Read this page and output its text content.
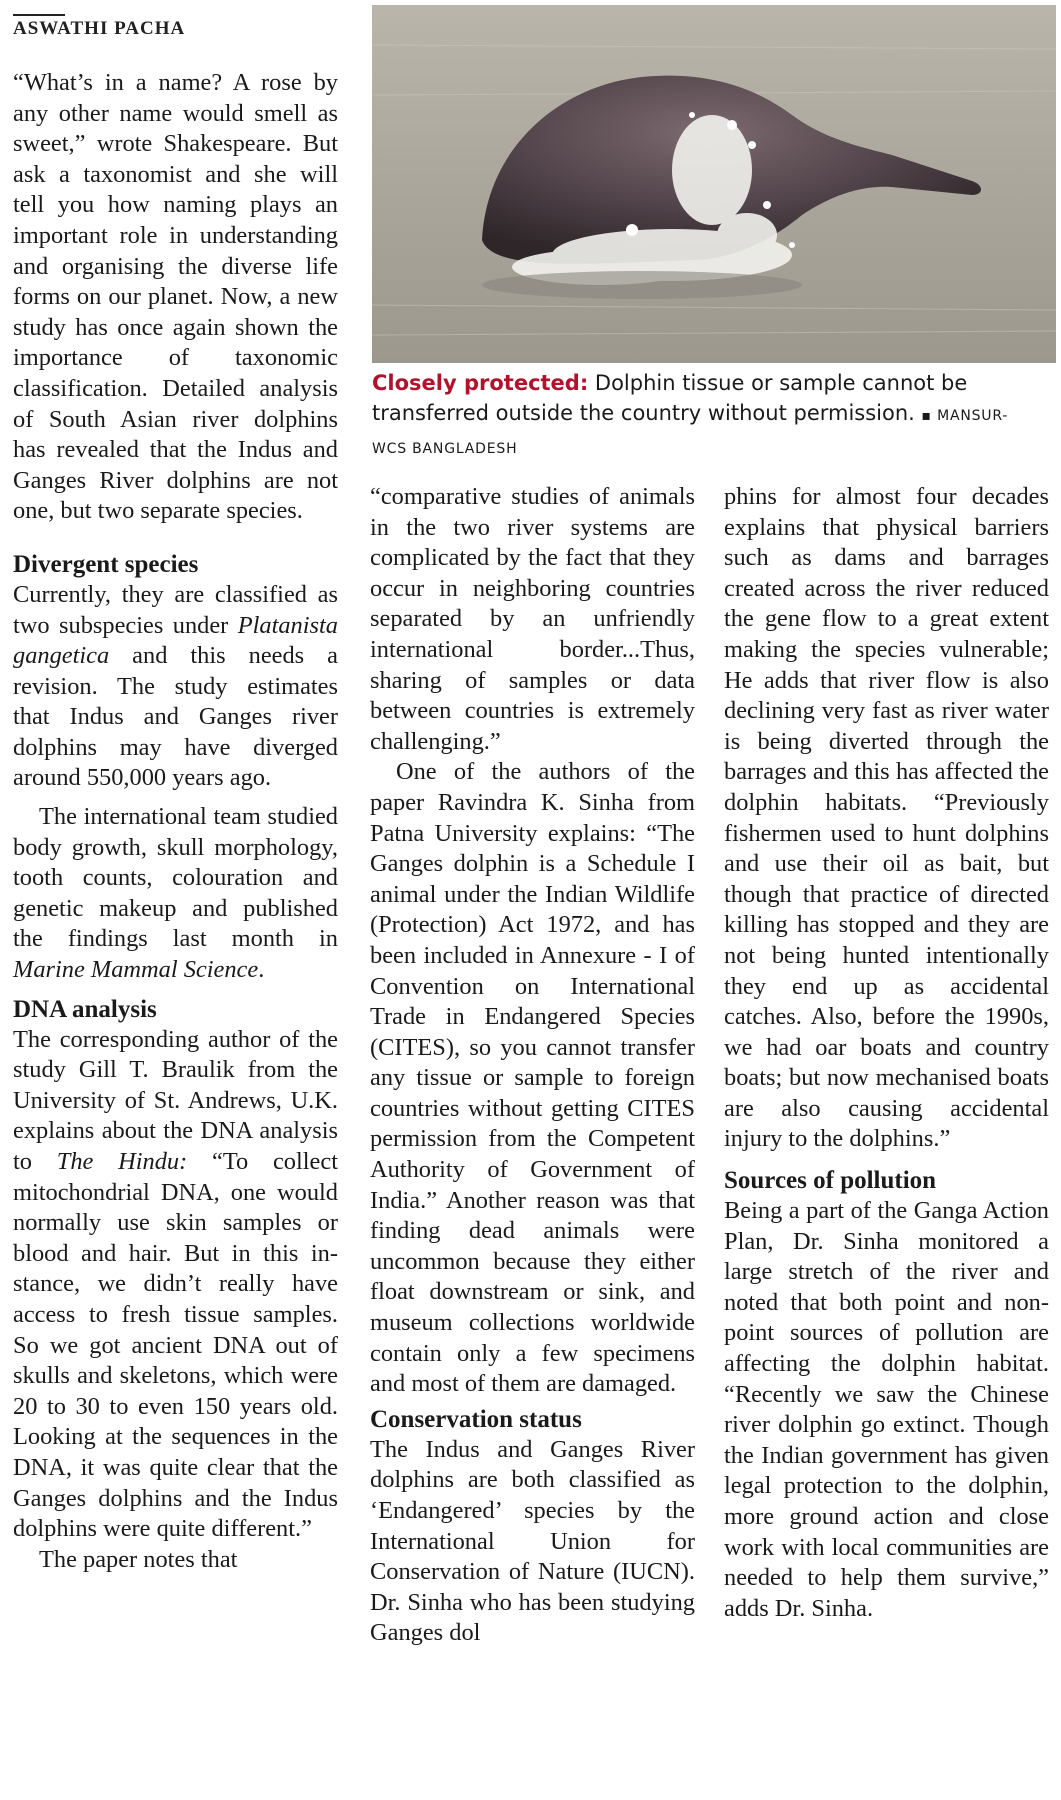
ASWATHI PACHA

“What’s in a name? A rose by any other name would smell as sweet,” wrote Shakespeare. But ask a taxonomist and she will tell you how naming plays an important role in understanding and organising the diverse life forms on our planet. Now, a new study has once again shown the importance of taxonomic classification. Detailed analysis of South Asian river dolphins has revealed that the Indus and Ganges River dolphins are not one, but two separate species.

Divergent species

Currently, they are classified as two subspecies under Platanista gangetica and this needs a revision. The study estimates that Indus and Ganges river dolphins may have diverged around 550,000 years ago.

The international team studied body growth, skull morphology, tooth counts, colouration and genetic makeup and published the findings last month in Marine Mammal Science.

DNA analysis

The corresponding author of the study Gill T. Braulik from the University of St. Andrews, U.K. explains about the DNA analysis to The Hindu: “To collect mitochondrial DNA, one would normally use skin samples or blood and hair. But in this instance, we didn’t really have access to fresh tissue samples. So we got ancient DNA out of skulls and skeletons, which were 20 to 30 to even 150 years old. Looking at the sequences in the DNA, it was quite clear that the Ganges dolphins and the Indus dolphins were quite different.”

The paper notes that

Closely protected: Dolphin tissue or sample cannot be transferred outside the country without permission. ▪ MANSUR-WCS BANGLADESH

“comparative studies of animals in the two river systems are complicated by the fact that they occur in neighboring countries separated by an unfriendly international border...Thus, sharing of samples or data between countries is extremely challenging.”

One of the authors of the paper Ravindra K. Sinha from Patna University explains: “The Ganges dolphin is a Schedule I animal under the Indian Wildlife (Protection) Act 1972, and has been included in Annexure - I of Convention on International Trade in Endangered Species (CITES), so you cannot transfer any tissue or sample to foreign countries without getting CITES permission from the Competent Authority of Government of India.” Another reason was that finding dead animals were uncommon because they either float downstream or sink, and museum collections worldwide contain only a few specimens and most of them are damaged.

Conservation status

The Indus and Ganges River dolphins are both classified as ‘Endangered’ species by the International Union for Conservation of Nature (IUCN). Dr. Sinha who has been studying Ganges dol

phins for almost four decades explains that physical barriers such as dams and barrages created across the river reduced the gene flow to a great extent making the species vulnerable; He adds that river flow is also declining very fast as river water is being diverted through the barrages and this has affected the dolphin habitats. “Previously fishermen used to hunt dolphins and use their oil as bait, but though that practice of directed killing has stopped and they are not being hunted intentionally they end up as accidental catches. Also, before the 1990s, we had oar boats and country boats; but now mechanised boats are also causing accidental injury to the dolphins.”

Sources of pollution

Being a part of the Ganga Action Plan, Dr. Sinha monitored a large stretch of the river and noted that both point and non-point sources of pollution are affecting the dolphin habitat. “Recently we saw the Chinese river dolphin go extinct. Though the Indian government has given legal protection to the dolphin, more ground action and close work with local communities are needed to help them survive,” adds Dr. Sinha.
